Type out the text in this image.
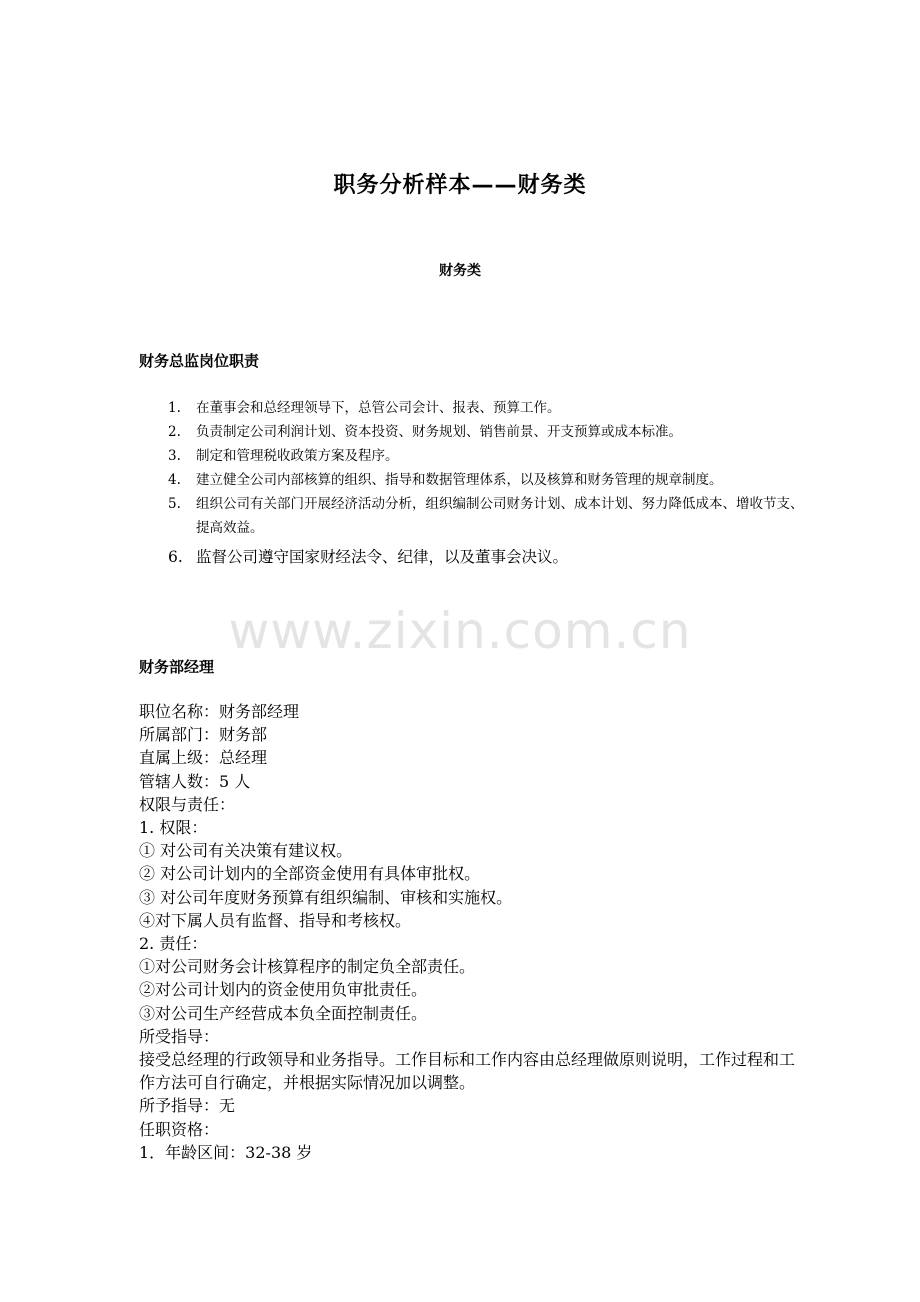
www.zixin.com.cn
职务分析样本——财务类
财务类
财务总监岗位职责
1.	在董事会和总经理领导下，总管公司会计、报表、预算工作。
2.	负责制定公司利润计划、资本投资、财务规划、销售前景、开支预算或成本标准。
3.	制定和管理税收政策方案及程序。
4.	建立健全公司内部核算的组织、指导和数据管理体系，以及核算和财务管理的规章制度。
5.	组织公司有关部门开展经济活动分析，组织编制公司财务计划、成本计划、努力降低成本、增收节支、提高效益。
6. 监督公司遵守国家财经法令、纪律，以及董事会决议。
财务部经理
职位名称：财务部经理
所属部门：财务部
直属上级：总经理
管辖人数：5 人
权限与责任：
1. 权限：
① 对公司有关决策有建议权。
② 对公司计划内的全部资金使用有具体审批权。
③ 对公司年度财务预算有组织编制、审核和实施权。
④对下属人员有监督、指导和考核权。
2. 责任：
①对公司财务会计核算程序的制定负全部责任。
②对公司计划内的资金使用负审批责任。
③对公司生产经营成本负全面控制责任。
所受指导：
接受总经理的行政领导和业务指导。工作目标和工作内容由总经理做原则说明，工作过程和工作方法可自行确定，并根据实际情况加以调整。
所予指导：无
任职资格：
1．年龄区间：32-38 岁
